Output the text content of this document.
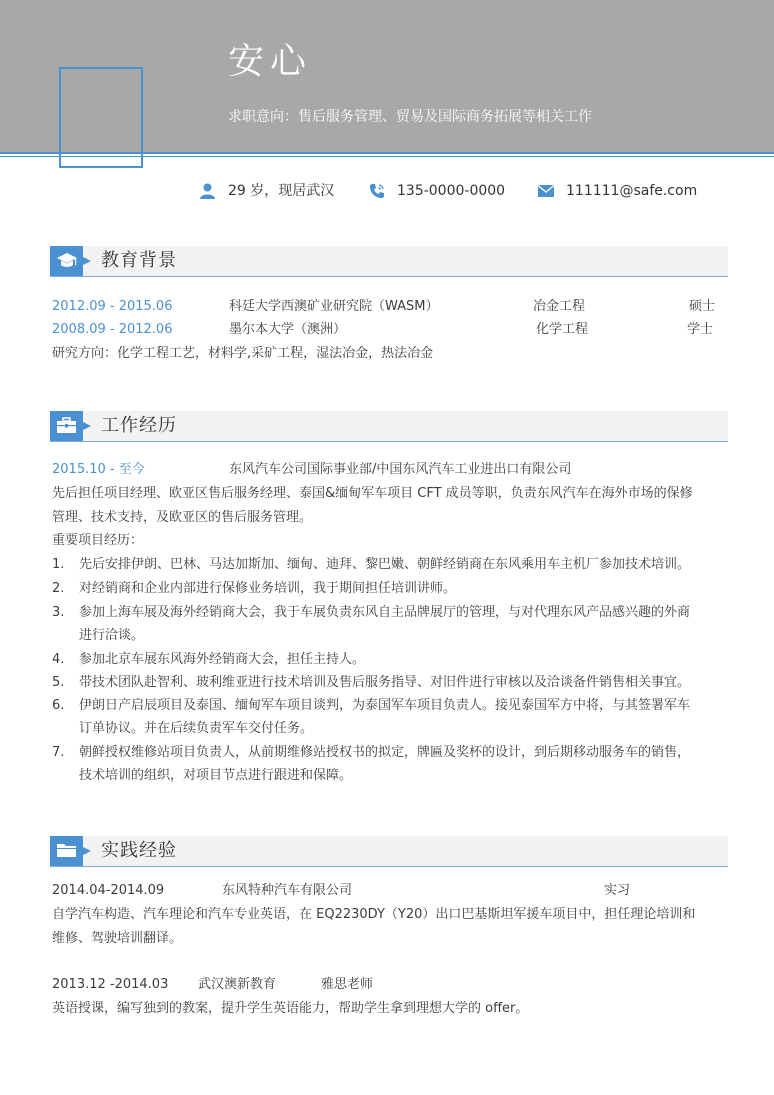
安心
求职意向：售后服务管理、贸易及国际商务拓展等相关工作
29 岁，现居武汉	135-0000-0000	111111@safe.com
教育背景
2012.09 - 2015.06	科廷大学西澳矿业研究院（WASM）	冶金工程	硕士
2008.09 - 2012.06	墨尔本大学（澳洲）	化学工程	学士
研究方向：化学工程工艺，材料学,采矿工程，湿法冶金，热法冶金
工作经历
2015.10 - 至今	东风汽车公司国际事业部/中国东风汽车工业进出口有限公司
先后担任项目经理、欧亚区售后服务经理、泰国&缅甸军车项目 CFT 成员等职，负责东风汽车在海外市场的保修
管理、技术支持，及欧亚区的售后服务管理。
重要项目经历：
1. 先后安排伊朗、巴林、马达加斯加、缅甸、迪拜、黎巴嫩、朝鲜经销商在东风乘用车主机厂参加技术培训。
2. 对经销商和企业内部进行保修业务培训，我于期间担任培训讲师。
3. 参加上海车展及海外经销商大会，我于车展负责东风自主品牌展厅的管理，与对代理东风产品感兴趣的外商
进行洽谈。
4. 参加北京车展东风海外经销商大会，担任主持人。
5. 带技术团队赴智利、玻利维亚进行技术培训及售后服务指导、对旧件进行审核以及洽谈备件销售相关事宜。
6. 伊朗日产启辰项目及泰国、缅甸军车项目谈判，为泰国军车项目负责人。接见泰国军方中将，与其签署军车
订单协议。并在后续负责军车交付任务。
7. 朝鲜授权维修站项目负责人，从前期维修站授权书的拟定，牌匾及奖杯的设计，到后期移动服务车的销售，
技术培训的组织，对项目节点进行跟进和保障。
实践经验
2014.04-2014.09	东风特种汽车有限公司	实习
自学汽车构造、汽车理论和汽车专业英语，在 EQ2230DY（Y20）出口巴基斯坦军援车项目中，担任理论培训和
维修、驾驶培训翻译。
2013.12 -2014.03 武汉澳新教育	雅思老师
英语授课，编写独到的教案，提升学生英语能力，帮助学生拿到理想大学的 offer。
